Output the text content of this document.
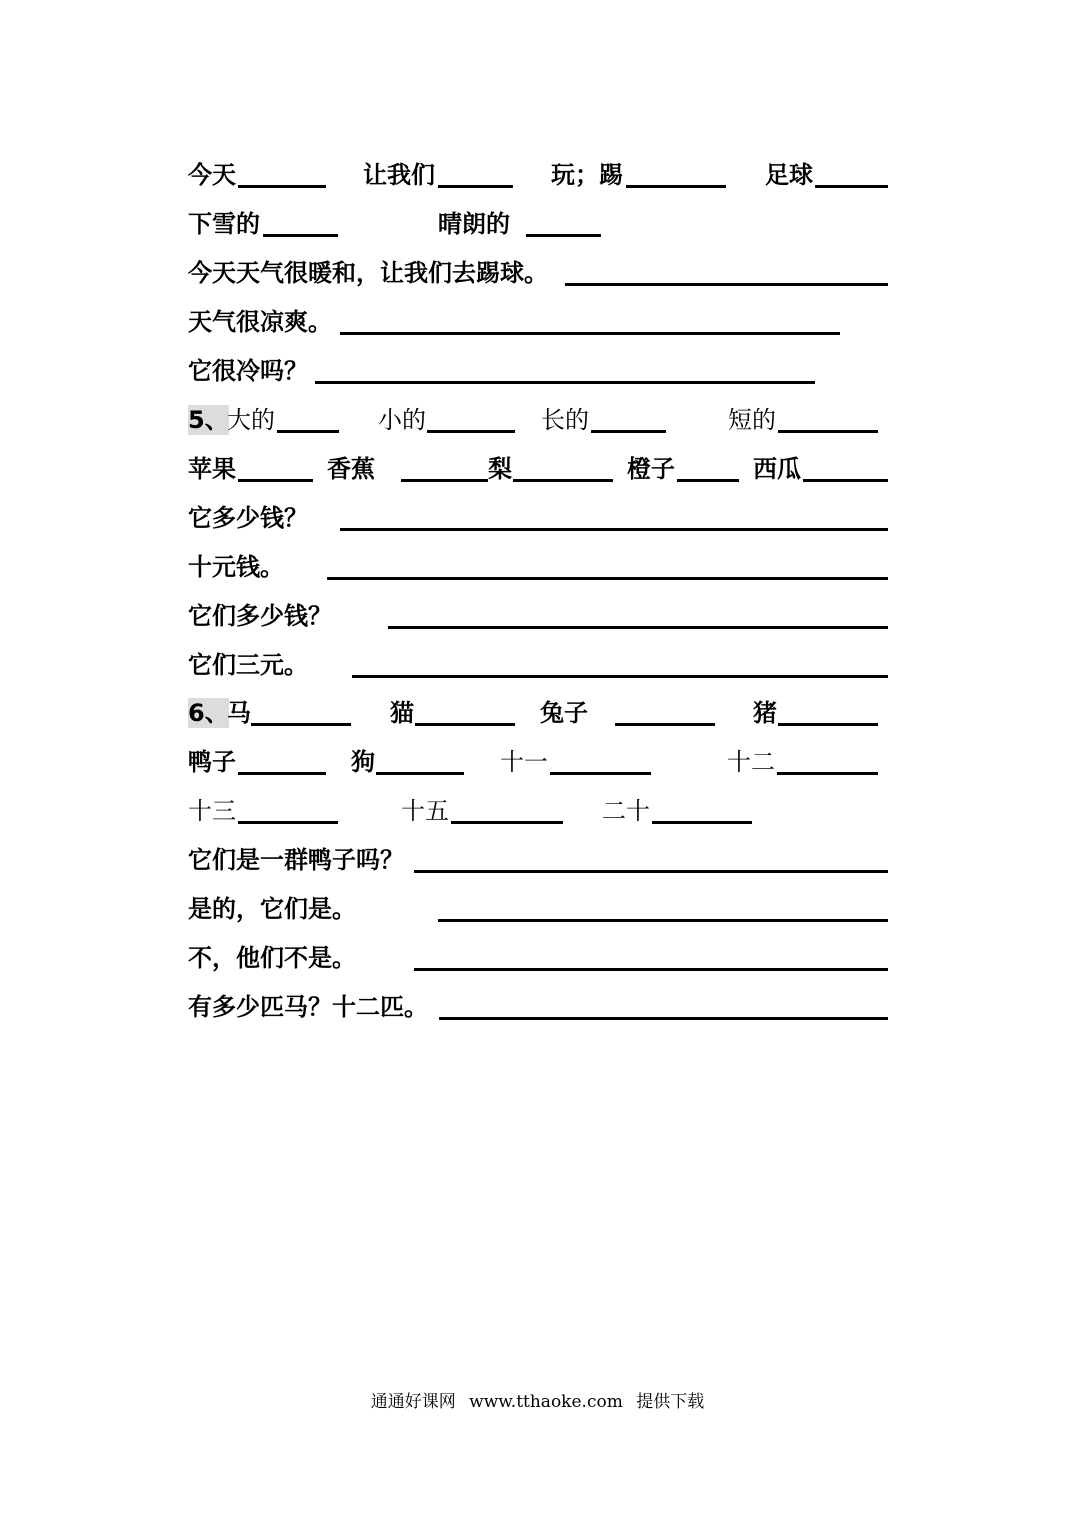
今天	让我们	玩；踢	足球
下雪的	晴朗的
今天天气很暖和，让我们去踢球。
天气很凉爽。
它很冷吗？
5、
大的	小的	长的	短的
苹果	香蕉	梨	橙子	西瓜
它多少钱？
十元钱。
它们多少钱？
它们三元。
6、
马	猫	兔子	猪
鸭子	狗	十一	十二
十三	十五	二十
它们是一群鸭子吗？
是的，它们是。
不，他们不是。
有多少匹马？十二匹。
通通好课网 www.tthaoke.com 提供下载
